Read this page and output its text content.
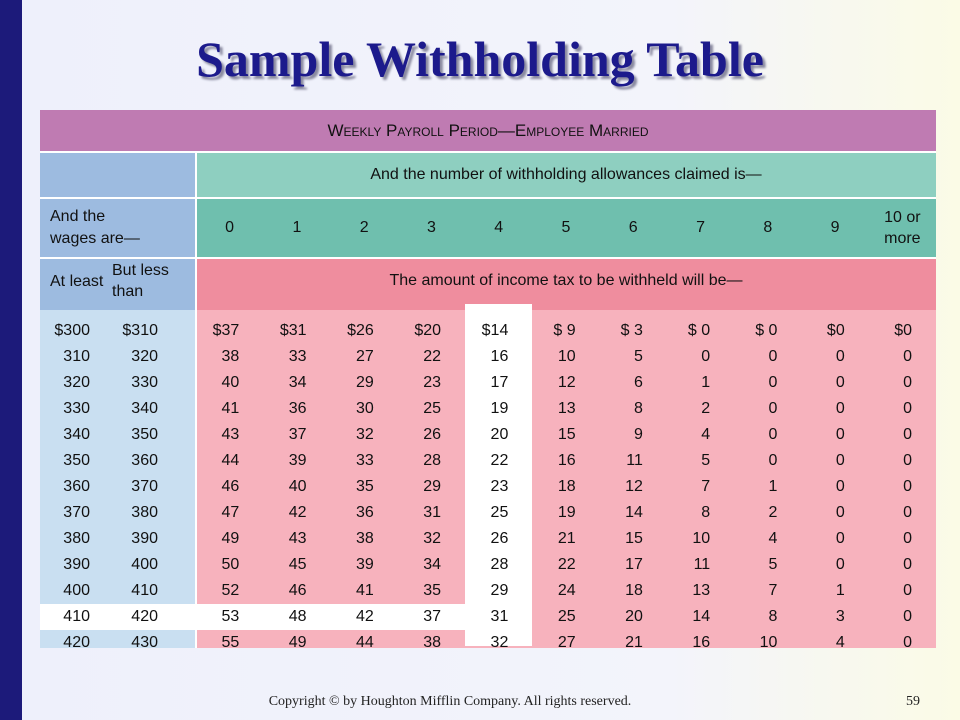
Sample Withholding Table
Weekly Payroll Period—Employee Married
And the number of withholding allowances claimed is—
And the wages are—
0	1	2	3	4	5	6	7	8	9
10 or more
At least
But less than
The amount of income tax to be withheld will be—
$300	$310	$37	$31	$26	$20	$14	$ 9	$ 3	$ 0	$ 0	$0	$0
310	320	38	33	27	22	16	10	5	0	0	0	0
320	330	40	34	29	23	17	12	6	1	0	0	0
330	340	41	36	30	25	19	13	8	2	0	0	0
340	350	43	37	32	26	20	15	9	4	0	0	0
350	360	44	39	33	28	22	16	11	5	0	0	0
360	370	46	40	35	29	23	18	12	7	1	0	0
370	380	47	42	36	31	25	19	14	8	2	0	0
380	390	49	43	38	32	26	21	15	10	4	0	0
390	400	50	45	39	34	28	22	17	11	5	0	0
400	410	52	46	41	35	29	24	18	13	7	1	0
410	420	53	48	42	37	31	25	20	14	8	3	0
420	430	55	49	44	38	32	27	21	16	10	4	0
Copyright © by Houghton Mifflin Company. All rights reserved.	59
